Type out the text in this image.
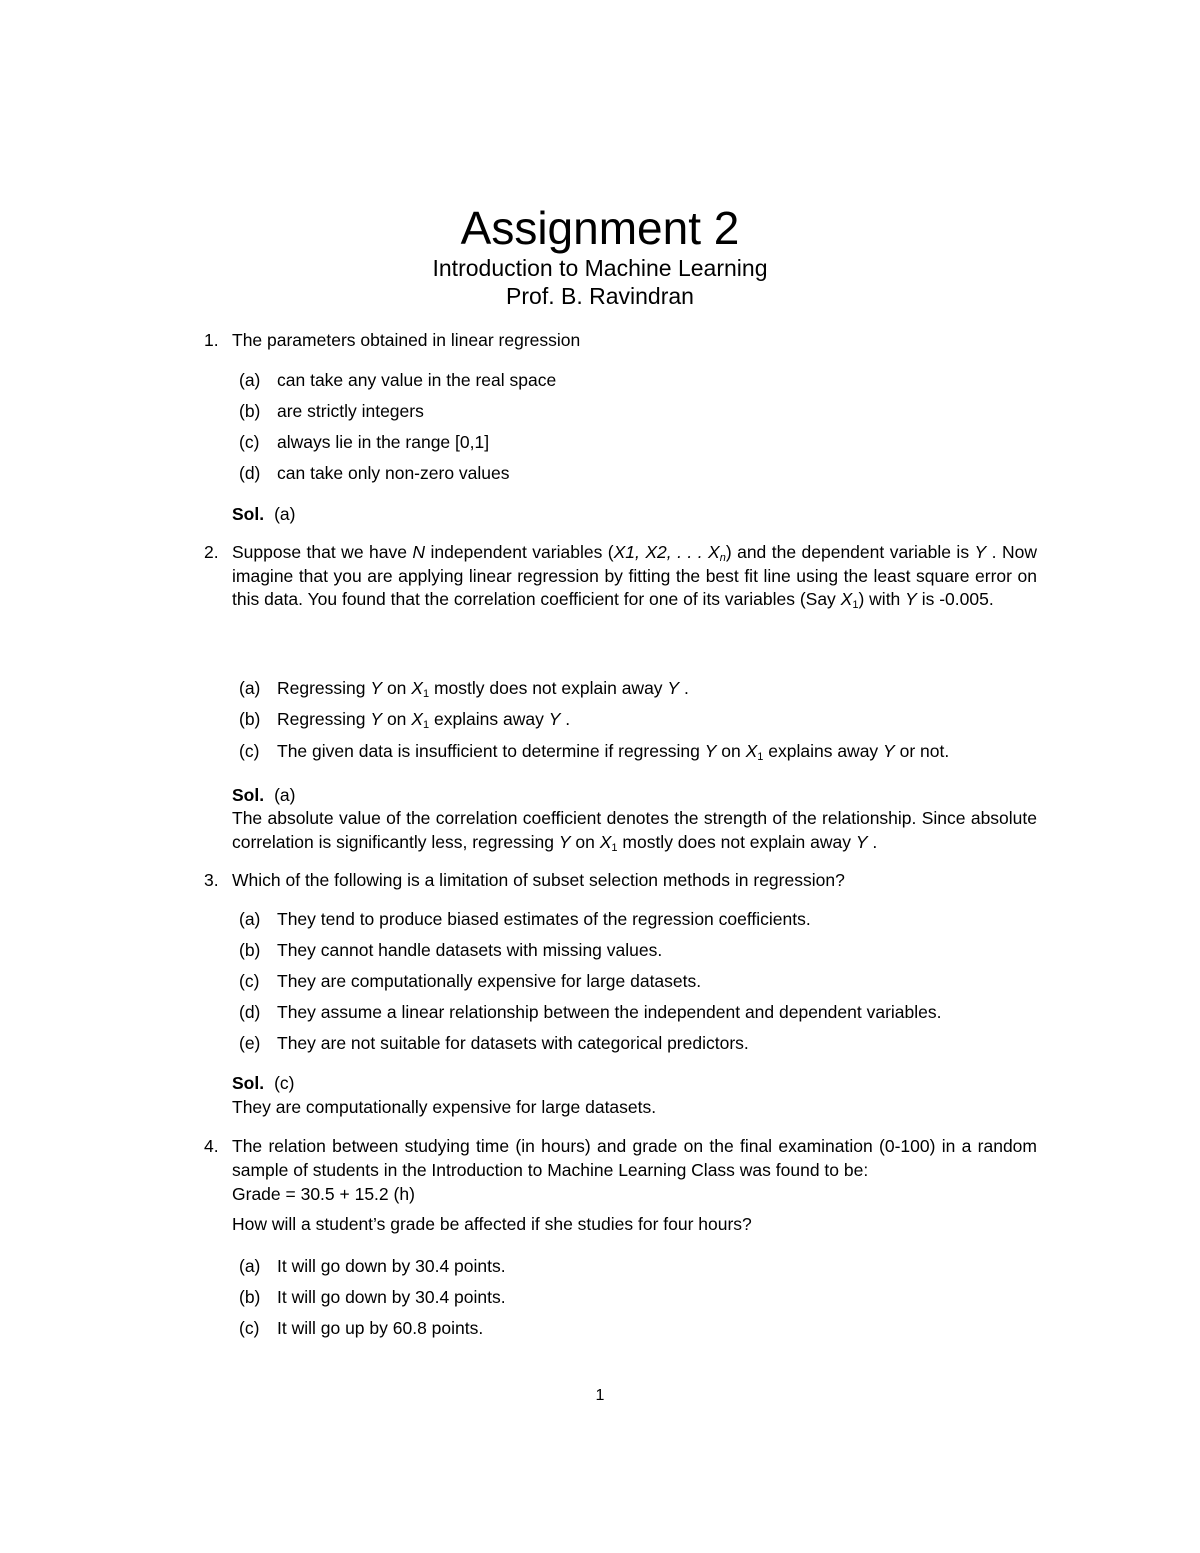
Assignment 2
Introduction to Machine Learning
Prof. B. Ravindran
1. The parameters obtained in linear regression
(a) can take any value in the real space
(b) are strictly integers
(c) always lie in the range [0,1]
(d) can take only non-zero values
Sol. (a)
2. Suppose that we have N independent variables (X1, X2, . . . $X_n$) and the dependent variable is Y . Now imagine that you are applying linear regression by fitting the best fit line using the least square error on this data. You found that the correlation coefficient for one of its variables (Say $X_1$) with Y is -0.005.
(a) Regressing Y on $X_1$ mostly does not explain away Y .
(b) Regressing Y on $X_1$ explains away Y .
(c) The given data is insufficient to determine if regressing Y on $X_1$ explains away Y or not.
Sol. (a)
The absolute value of the correlation coefficient denotes the strength of the relationship. Since absolute correlation is significantly less, regressing Y on $X_1$ mostly does not explain away Y .
3. Which of the following is a limitation of subset selection methods in regression?
(a) They tend to produce biased estimates of the regression coefficients.
(b) They cannot handle datasets with missing values.
(c) They are computationally expensive for large datasets.
(d) They assume a linear relationship between the independent and dependent variables.
(e) They are not suitable for datasets with categorical predictors.
Sol. (c)
They are computationally expensive for large datasets.
4. The relation between studying time (in hours) and grade on the final examination (0-100) in a random sample of students in the Introduction to Machine Learning Class was found to be:
Grade = 30.5 + 15.2 (h)
How will a student’s grade be affected if she studies for four hours?
(a) It will go down by 30.4 points.
(b) It will go down by 30.4 points.
(c) It will go up by 60.8 points.
1
